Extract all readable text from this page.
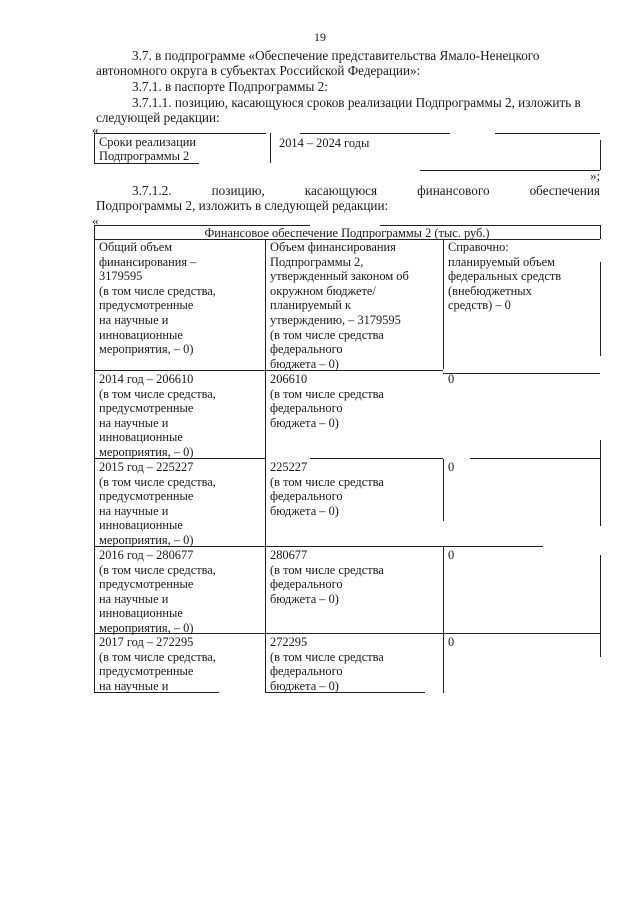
19

3.7. в подпрограмме «Обеспечение представительства Ямало-Ненецкого автономного округа в субъектах Российской Федерации»:

3.7.1. в паспорте Подпрограммы 2:

3.7.1.1. позицию, касающуюся сроков реализации Подпрограммы 2, изложить в следующей редакции:

«
Сроки реализации
Подпрограммы 2
2014 – 2024 годы
»;

3.7.1.2. позицию, касающуюся финансового обеспечения

Подпрограммы 2, изложить в следующей редакции:

«
Финансовое обеспечение Подпрограммы 2 (тыс. руб.)
Общий объем
финансирования –
3179595
(в том числе средства,
предусмотренные
на научные и
инновационные
мероприятия, – 0)
Объем финансирования
Подпрограммы 2,
утвержденный законом об
окружном бюджете/
планируемый к
утверждению, – 3179595
(в том числе средства
федерального
бюджета – 0)
Справочно:
планируемый объем
федеральных средств
(внебюджетных
средств) – 0
2014 год – 206610
(в том числе средства,
предусмотренные
на научные и
инновационные
мероприятия, – 0)
206610
(в том числе средства
федерального
бюджета – 0)
0
2015 год – 225227
(в том числе средства,
предусмотренные
на научные и
инновационные
мероприятия, – 0)
225227
(в том числе средства
федерального
бюджета – 0)
0
2016 год – 280677
(в том числе средства,
предусмотренные
на научные и
инновационные
мероприятия, – 0)
280677
(в том числе средства
федерального
бюджета – 0)
0
2017 год – 272295
(в том числе средства,
предусмотренные
на научные и
272295
(в том числе средства
федерального
бюджета – 0)
0
